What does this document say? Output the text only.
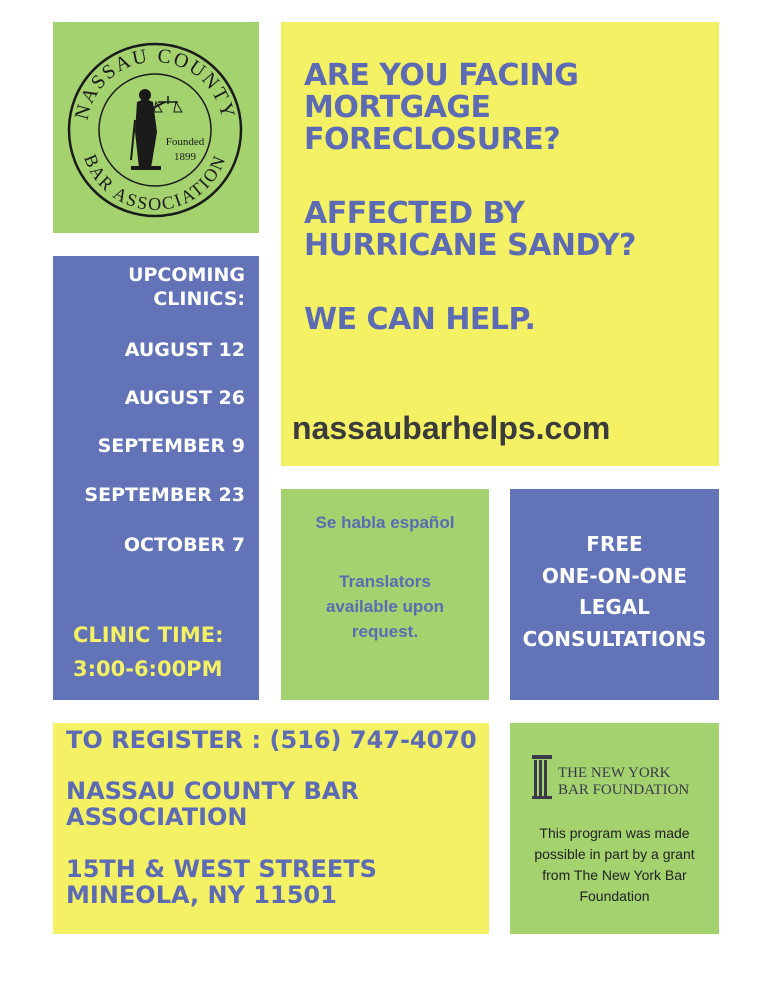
NASSAU COUNTY
BAR ASSOCIATION
Founded
1899
ARE YOU FACING
MORTGAGE
FORECLOSURE?
AFFECTED BY
HURRICANE SANDY?
WE CAN HELP.
nassaubarhelps.com
UPCOMING
CLINICS:
AUGUST 12
AUGUST 26
SEPTEMBER 9
SEPTEMBER 23
OCTOBER 7
CLINIC TIME:
3:00-6:00PM
Se habla español
Translators
available upon
request.
FREE
ONE-ON-ONE
LEGAL
CONSULTATIONS
TO REGISTER : (516) 747-4070
NASSAU COUNTY BAR
ASSOCIATION
15TH & WEST STREETS
MINEOLA, NY 11501
THE NEW YORK
BAR FOUNDATION
This program was made
possible in part by a grant
from The New York Bar
Foundation
